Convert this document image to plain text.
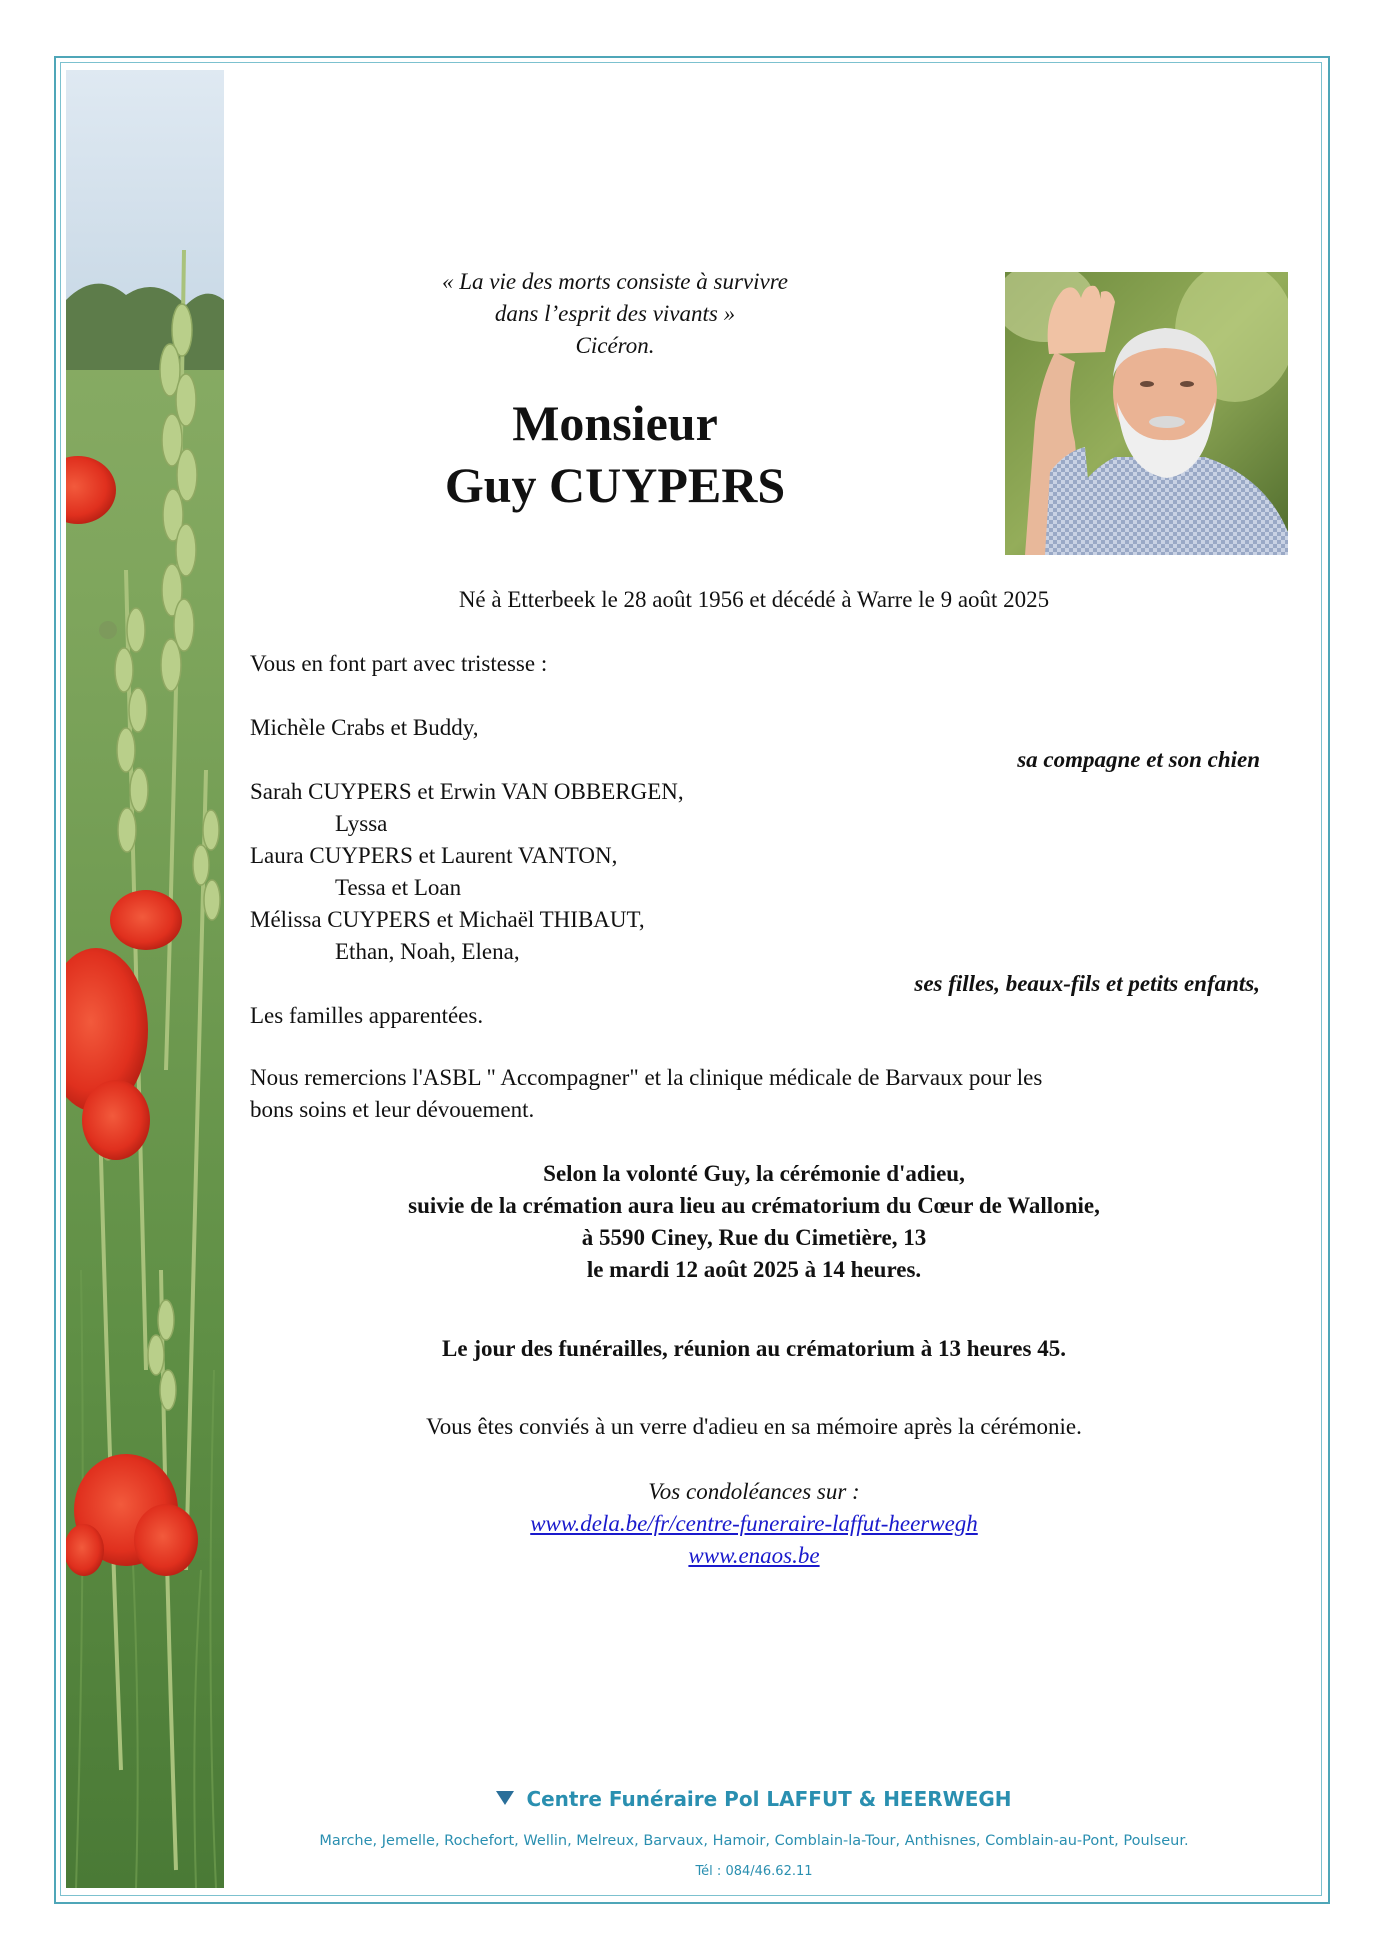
« La vie des morts consiste à survivre
dans l’esprit des vivants »
Cicéron.
Monsieur
Guy CUYPERS
Né à Etterbeek le 28 août 1956 et décédé à Warre le 9 août 2025
Vous en font part avec tristesse :
Michèle Crabs et Buddy,
sa compagne et son chien
Sarah CUYPERS et Erwin VAN OBBERGEN,
Lyssa
Laura CUYPERS et Laurent VANTON,
Tessa et Loan
Mélissa CUYPERS et Michaël THIBAUT,
Ethan, Noah, Elena,
ses filles, beaux-fils et petits enfants,
Les familles apparentées.
Nous remercions l'ASBL " Accompagner" et la clinique médicale de Barvaux pour les
bons soins et leur dévouement.
Selon la volonté Guy, la cérémonie d'adieu,
suivie de la crémation aura lieu au crématorium du Cœur de Wallonie,
à 5590 Ciney, Rue du Cimetière, 13
le mardi 12 août 2025 à 14 heures.
Le jour des funérailles, réunion au crématorium à 13 heures 45.
Vous êtes conviés à un verre d'adieu en sa mémoire après la cérémonie.
Vos condoléances sur :
www.dela.be/fr/centre-funeraire-laffut-heerwegh
www.enaos.be
Centre Funéraire Pol LAFFUT & HEERWEGH
Marche, Jemelle, Rochefort, Wellin, Melreux, Barvaux, Hamoir, Comblain-la-Tour, Anthisnes, Comblain-au-Pont, Poulseur.
Tél : 084/46.62.11
